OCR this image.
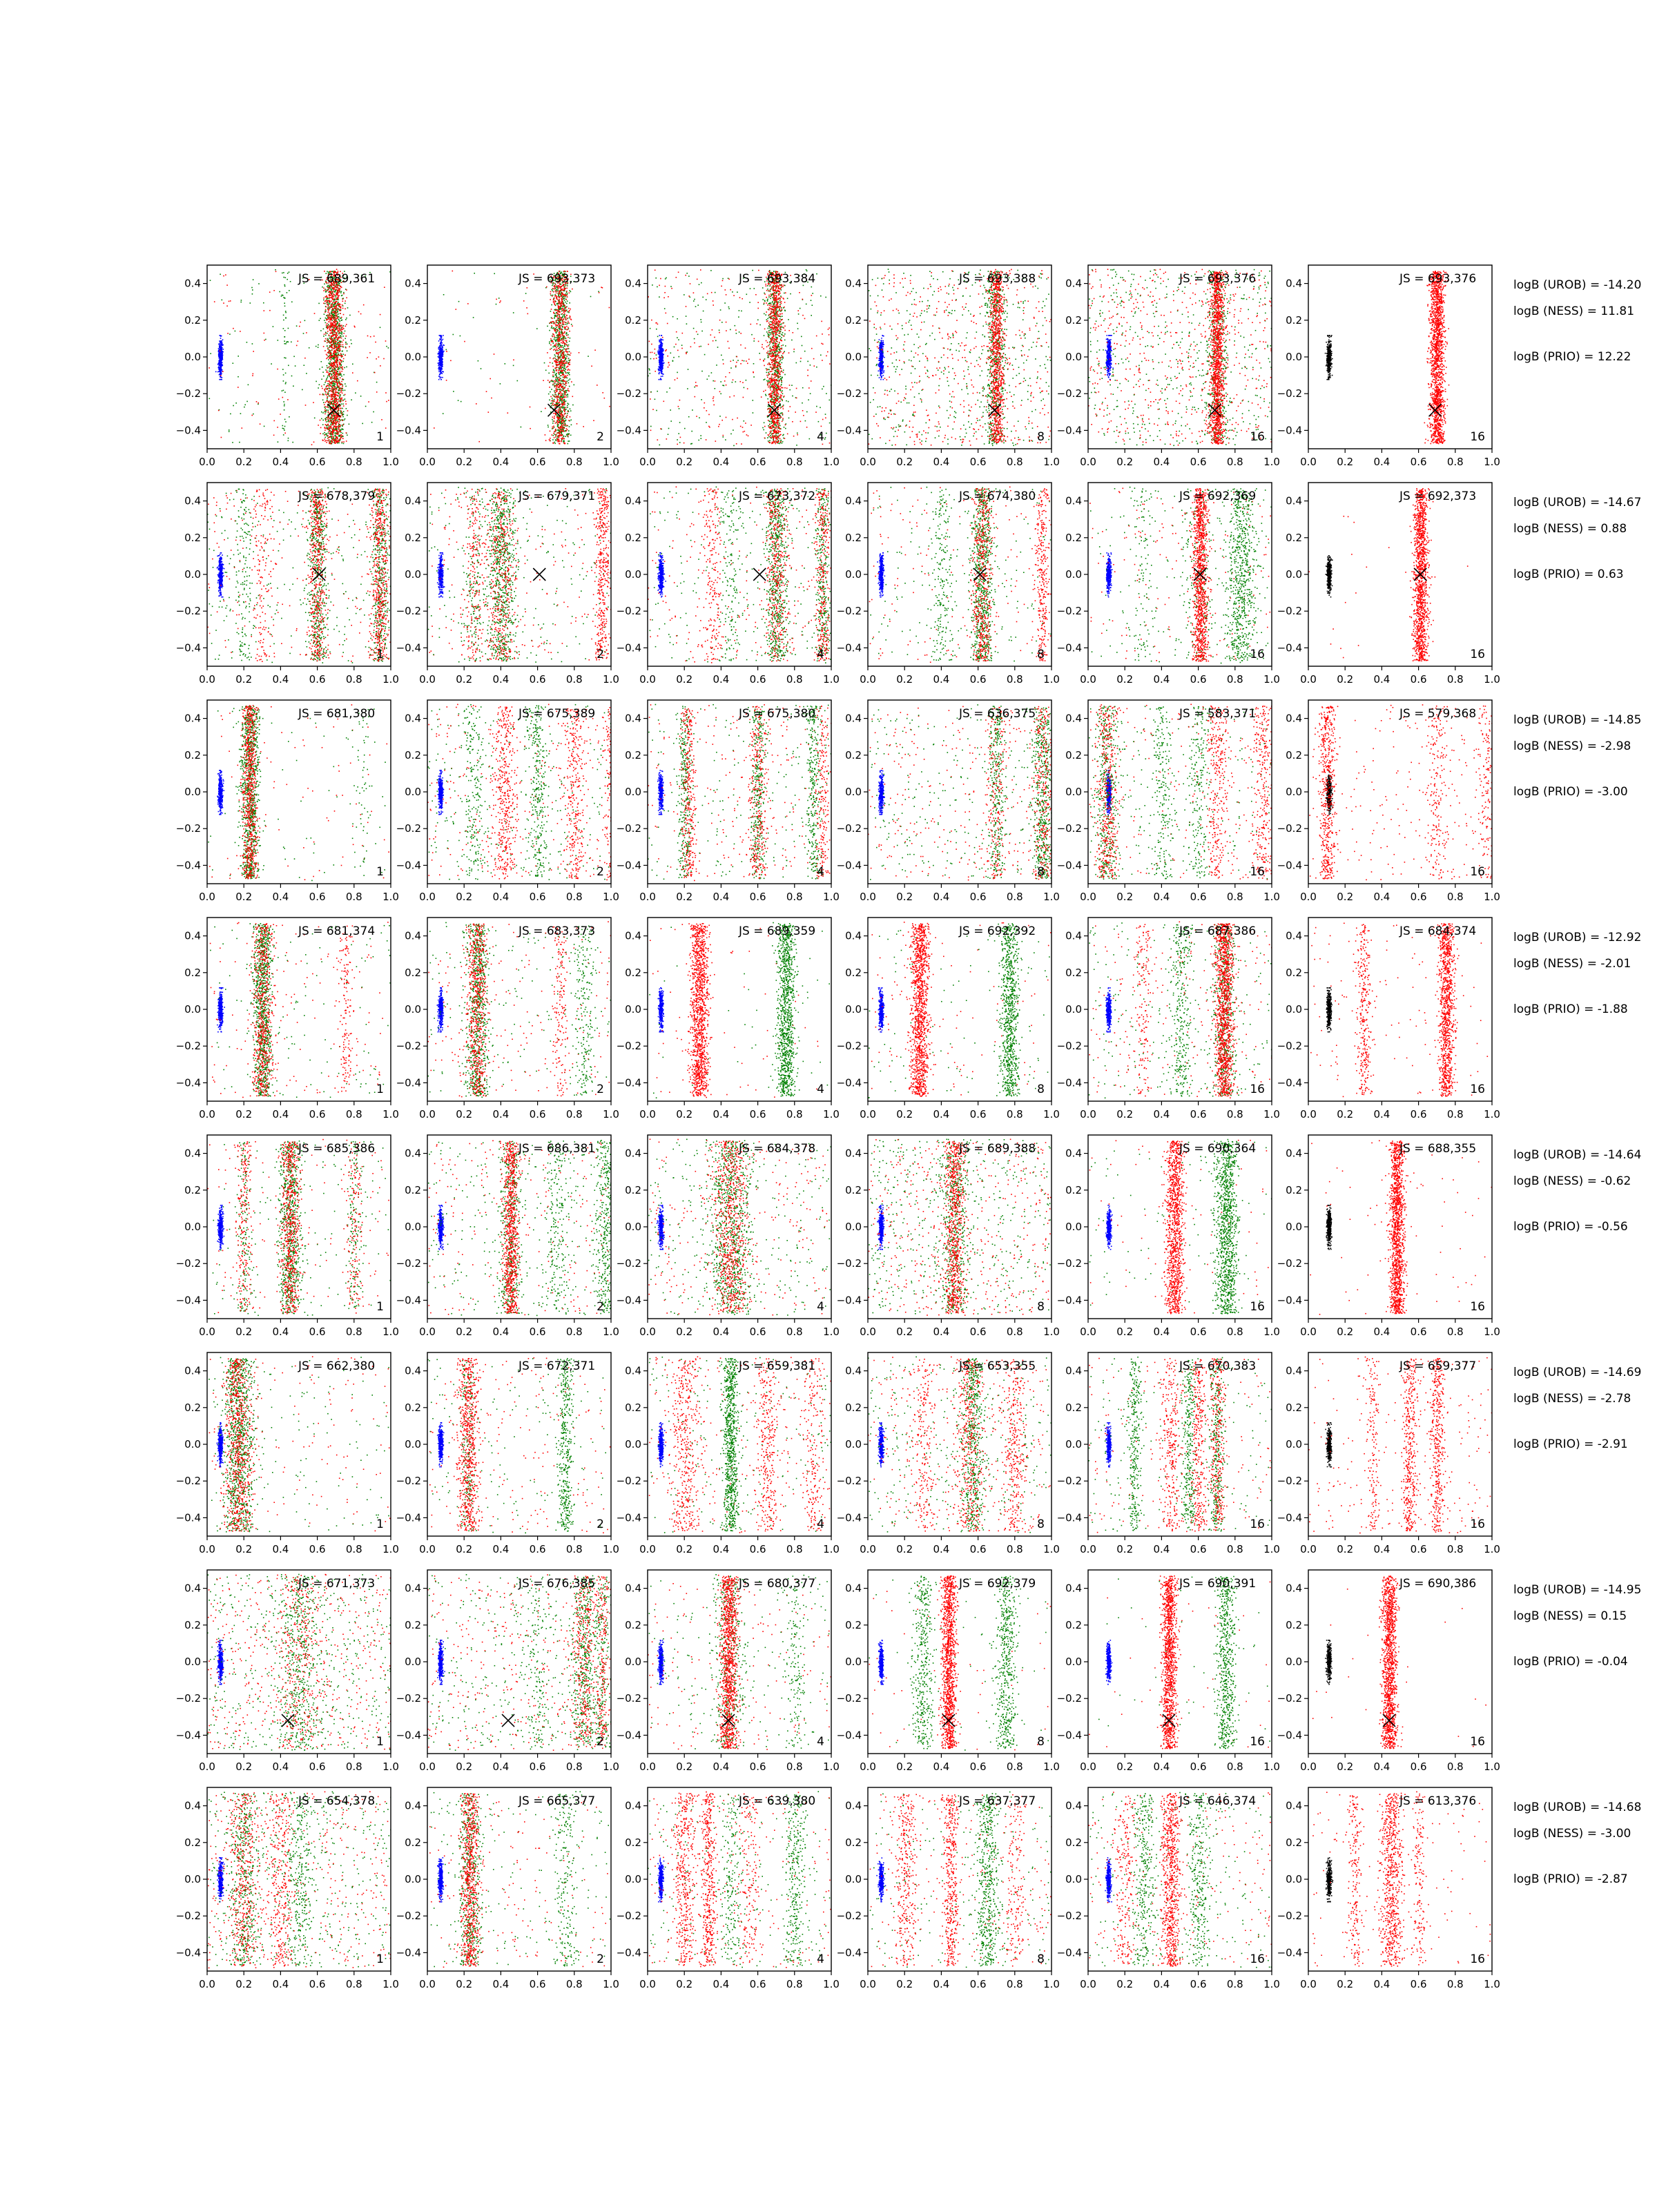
0.0 0.2 0.4 0.6 0.8 1.0
0.4
0.2
0.0
−0.2
−0.4
JS = 689,361
1
0.0 0.2 0.4 0.6 0.8 1.0
0.4
0.2
0.0
−0.2
−0.4
JS = 693,373
2
0.0 0.2 0.4 0.6 0.8 1.0
0.4
0.2
0.0
−0.2
−0.4
JS = 693,384
4
0.0 0.2 0.4 0.6 0.8 1.0
0.4
0.2
0.0
−0.2
−0.4
JS = 693,388
8
0.0 0.2 0.4 0.6 0.8 1.0
0.4
0.2
0.0
−0.2
−0.4
JS = 693,376
16
0.0 0.2 0.4 0.6 0.8 1.0
0.4
0.2
0.0
−0.2
−0.4
JS = 693,376
16
logB (UROB) = -14.20
logB (NESS) = 11.81
logB (PRIO) = 12.22
0.0 0.2 0.4 0.6 0.8 1.0
0.4
0.2
0.0
−0.2
−0.4
JS = 678,379
1
0.0 0.2 0.4 0.6 0.8 1.0
0.4
0.2
0.0
−0.2
−0.4
JS = 679,371
2
0.0 0.2 0.4 0.6 0.8 1.0
0.4
0.2
0.0
−0.2
−0.4
JS = 673,372
4
0.0 0.2 0.4 0.6 0.8 1.0
0.4
0.2
0.0
−0.2
−0.4
JS = 674,380
8
0.0 0.2 0.4 0.6 0.8 1.0
0.4
0.2
0.0
−0.2
−0.4
JS = 692,369
16
0.0 0.2 0.4 0.6 0.8 1.0
0.4
0.2
0.0
−0.2
−0.4
JS = 692,373
16
logB (UROB) = -14.67
logB (NESS) = 0.88
logB (PRIO) = 0.63
0.0 0.2 0.4 0.6 0.8 1.0
0.4
0.2
0.0
−0.2
−0.4
JS = 681,380
1
0.0 0.2 0.4 0.6 0.8 1.0
0.4
0.2
0.0
−0.2
−0.4
JS = 675,389
2
0.0 0.2 0.4 0.6 0.8 1.0
0.4
0.2
0.0
−0.2
−0.4
JS = 675,380
4
0.0 0.2 0.4 0.6 0.8 1.0
0.4
0.2
0.0
−0.2
−0.4
JS = 636,375
8
0.0 0.2 0.4 0.6 0.8 1.0
0.4
0.2
0.0
−0.2
−0.4
JS = 583,371
16
0.0 0.2 0.4 0.6 0.8 1.0
0.4
0.2
0.0
−0.2
−0.4
JS = 579,368
16
logB (UROB) = -14.85
logB (NESS) = -2.98
logB (PRIO) = -3.00
0.0 0.2 0.4 0.6 0.8 1.0
0.4
0.2
0.0
−0.2
−0.4
JS = 681,374
1
0.0 0.2 0.4 0.6 0.8 1.0
0.4
0.2
0.0
−0.2
−0.4
JS = 683,373
2
0.0 0.2 0.4 0.6 0.8 1.0
0.4
0.2
0.0
−0.2
−0.4
JS = 689,359
4
0.0 0.2 0.4 0.6 0.8 1.0
0.4
0.2
0.0
−0.2
−0.4
JS = 692,392
8
0.0 0.2 0.4 0.6 0.8 1.0
0.4
0.2
0.0
−0.2
−0.4
JS = 687,386
16
0.0 0.2 0.4 0.6 0.8 1.0
0.4
0.2
0.0
−0.2
−0.4
JS = 684,374
16
logB (UROB) = -12.92
logB (NESS) = -2.01
logB (PRIO) = -1.88
0.0 0.2 0.4 0.6 0.8 1.0
0.4
0.2
0.0
−0.2
−0.4
JS = 685,386
1
0.0 0.2 0.4 0.6 0.8 1.0
0.4
0.2
0.0
−0.2
−0.4
JS = 686,381
2
0.0 0.2 0.4 0.6 0.8 1.0
0.4
0.2
0.0
−0.2
−0.4
JS = 684,378
4
0.0 0.2 0.4 0.6 0.8 1.0
0.4
0.2
0.0
−0.2
−0.4
JS = 689,388
8
0.0 0.2 0.4 0.6 0.8 1.0
0.4
0.2
0.0
−0.2
−0.4
JS = 690,364
16
0.0 0.2 0.4 0.6 0.8 1.0
0.4
0.2
0.0
−0.2
−0.4
JS = 688,355
16
logB (UROB) = -14.64
logB (NESS) = -0.62
logB (PRIO) = -0.56
0.0 0.2 0.4 0.6 0.8 1.0
0.4
0.2
0.0
−0.2
−0.4
JS = 662,380
1
0.0 0.2 0.4 0.6 0.8 1.0
0.4
0.2
0.0
−0.2
−0.4
JS = 672,371
2
0.0 0.2 0.4 0.6 0.8 1.0
0.4
0.2
0.0
−0.2
−0.4
JS = 659,381
4
0.0 0.2 0.4 0.6 0.8 1.0
0.4
0.2
0.0
−0.2
−0.4
JS = 653,355
8
0.0 0.2 0.4 0.6 0.8 1.0
0.4
0.2
0.0
−0.2
−0.4
JS = 670,383
16
0.0 0.2 0.4 0.6 0.8 1.0
0.4
0.2
0.0
−0.2
−0.4
JS = 659,377
16
logB (UROB) = -14.69
logB (NESS) = -2.78
logB (PRIO) = -2.91
0.0 0.2 0.4 0.6 0.8 1.0
0.4
0.2
0.0
−0.2
−0.4
JS = 671,373
1
0.0 0.2 0.4 0.6 0.8 1.0
0.4
0.2
0.0
−0.2
−0.4
JS = 676,385
2
0.0 0.2 0.4 0.6 0.8 1.0
0.4
0.2
0.0
−0.2
−0.4
JS = 680,377
4
0.0 0.2 0.4 0.6 0.8 1.0
0.4
0.2
0.0
−0.2
−0.4
JS = 692,379
8
0.0 0.2 0.4 0.6 0.8 1.0
0.4
0.2
0.0
−0.2
−0.4
JS = 690,391
16
0.0 0.2 0.4 0.6 0.8 1.0
0.4
0.2
0.0
−0.2
−0.4
JS = 690,386
16
logB (UROB) = -14.95
logB (NESS) = 0.15
logB (PRIO) = -0.04
0.0 0.2 0.4 0.6 0.8 1.0
0.4
0.2
0.0
−0.2
−0.4
JS = 654,378
1
0.0 0.2 0.4 0.6 0.8 1.0
0.4
0.2
0.0
−0.2
−0.4
JS = 665,377
2
0.0 0.2 0.4 0.6 0.8 1.0
0.4
0.2
0.0
−0.2
−0.4
JS = 639,380
4
0.0 0.2 0.4 0.6 0.8 1.0
0.4
0.2
0.0
−0.2
−0.4
JS = 637,377
8
0.0 0.2 0.4 0.6 0.8 1.0
0.4
0.2
0.0
−0.2
−0.4
JS = 646,374
16
0.0 0.2 0.4 0.6 0.8 1.0
0.4
0.2
0.0
−0.2
−0.4
JS = 613,376
16
logB (UROB) = -14.68
logB (NESS) = -3.00
logB (PRIO) = -2.87
